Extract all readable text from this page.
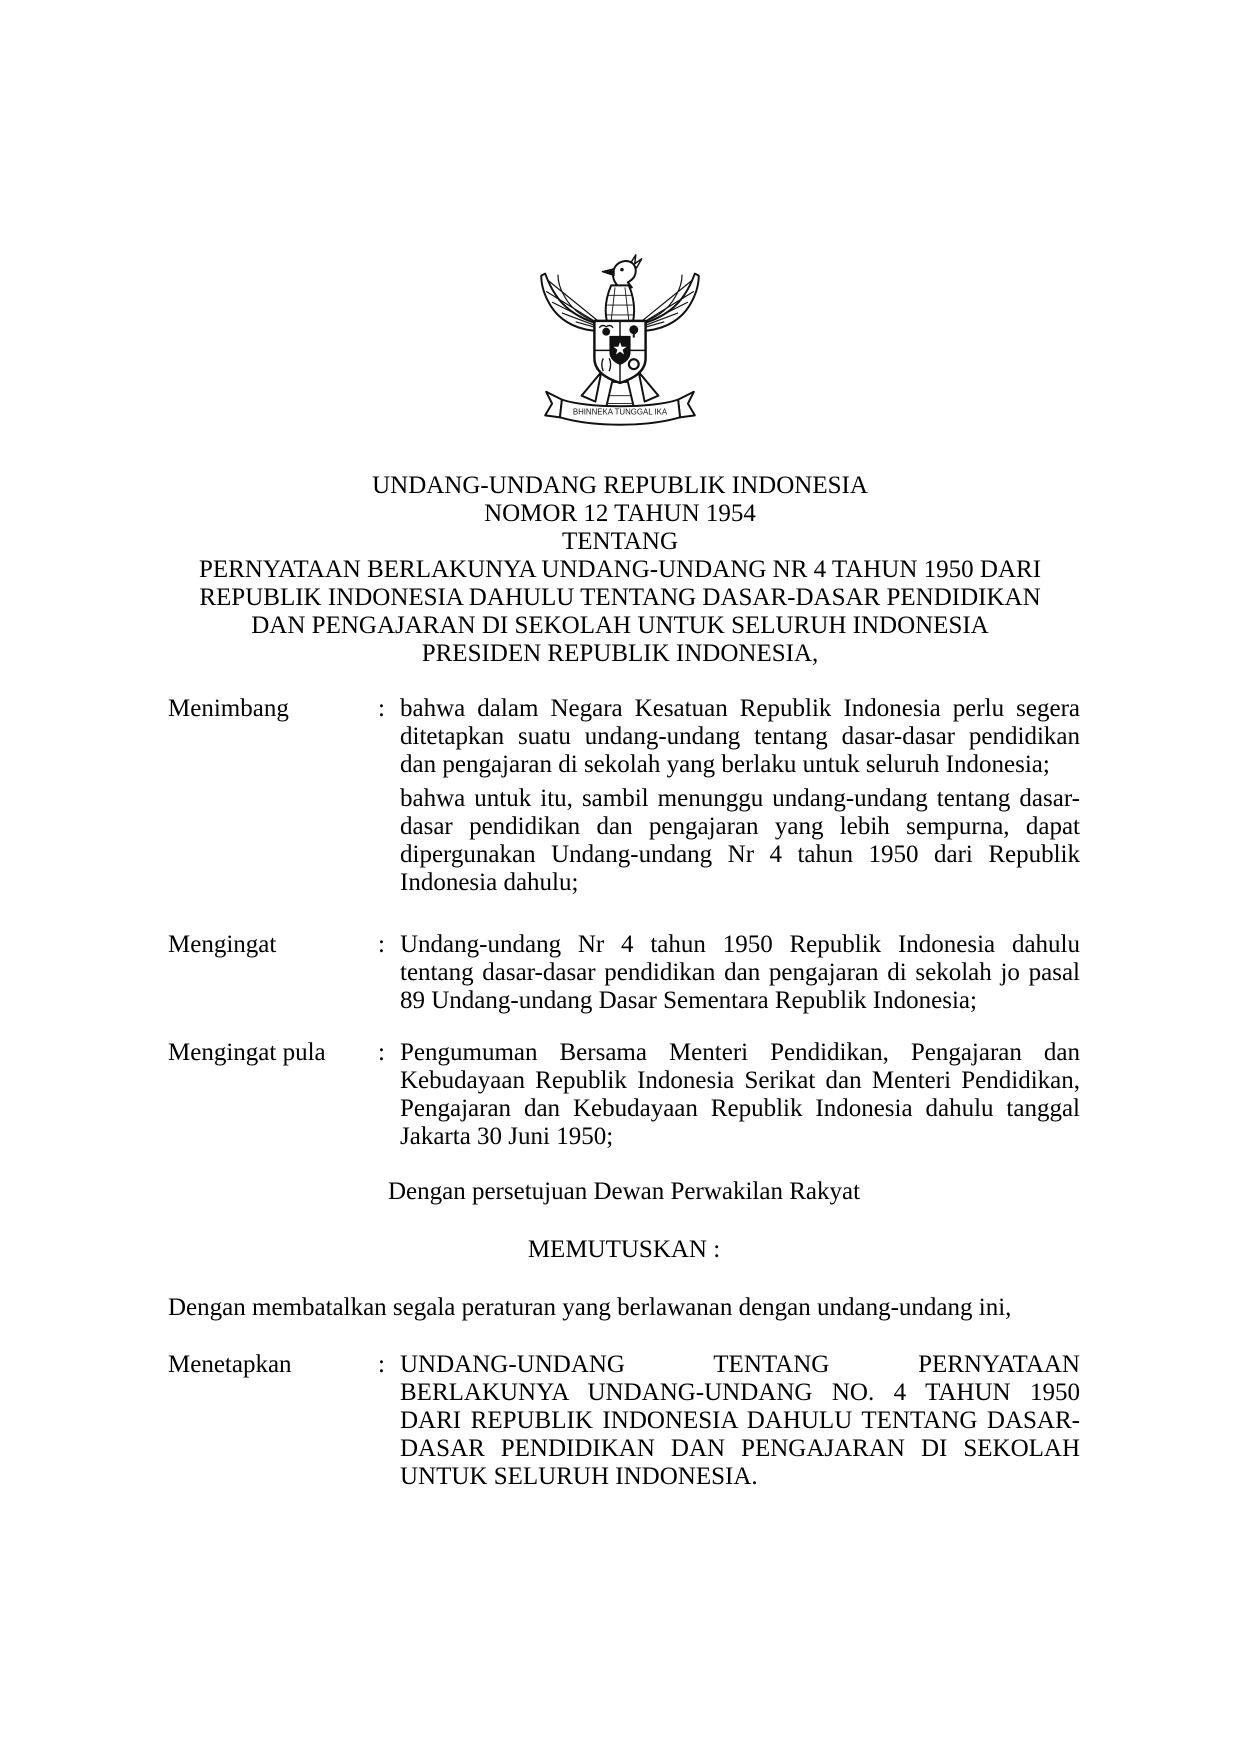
BHINNEKA TUNGGAL IKA
UNDANG-UNDANG REPUBLIK INDONESIA
NOMOR 12 TAHUN 1954
TENTANG
PERNYATAAN BERLAKUNYA UNDANG-UNDANG NR 4 TAHUN 1950 DARI
REPUBLIK INDONESIA DAHULU TENTANG DASAR-DASAR PENDIDIKAN
DAN PENGAJARAN DI SEKOLAH UNTUK SELURUH INDONESIA
PRESIDEN REPUBLIK INDONESIA,
Menimbang	: bahwa dalam Negara Kesatuan Republik Indonesia perlu segera ditetapkan suatu undang-undang tentang dasar-dasar pendidikan dan pengajaran di sekolah yang berlaku untuk seluruh Indonesia;

bahwa untuk itu, sambil menunggu undang-undang tentang dasar-dasar pendidikan dan pengajaran yang lebih sempurna, dapat dipergunakan Undang-undang Nr 4 tahun 1950 dari Republik Indonesia dahulu;

Mengingat	: Undang-undang Nr 4 tahun 1950 Republik Indonesia dahulu tentang dasar-dasar pendidikan dan pengajaran di sekolah jo pasal 89 Undang-undang Dasar Sementara Republik Indonesia;

Mengingat pula	: Pengumuman Bersama Menteri Pendidikan, Pengajaran dan Kebudayaan Republik Indonesia Serikat dan Menteri Pendidikan, Pengajaran dan Kebudayaan Republik Indonesia dahulu tanggal Jakarta 30 Juni 1950;

Dengan persetujuan Dewan Perwakilan Rakyat
MEMUTUSKAN :
Dengan membatalkan segala peraturan yang berlawanan dengan undang-undang ini,
Menetapkan	: UNDANG-UNDANG TENTANG PERNYATAAN BERLAKUNYA UNDANG-UNDANG NO. 4 TAHUN 1950 DARI REPUBLIK INDONESIA DAHULU TENTANG DASAR-DASAR PENDIDIKAN DAN PENGAJARAN DI SEKOLAH UNTUK SELURUH INDONESIA.
